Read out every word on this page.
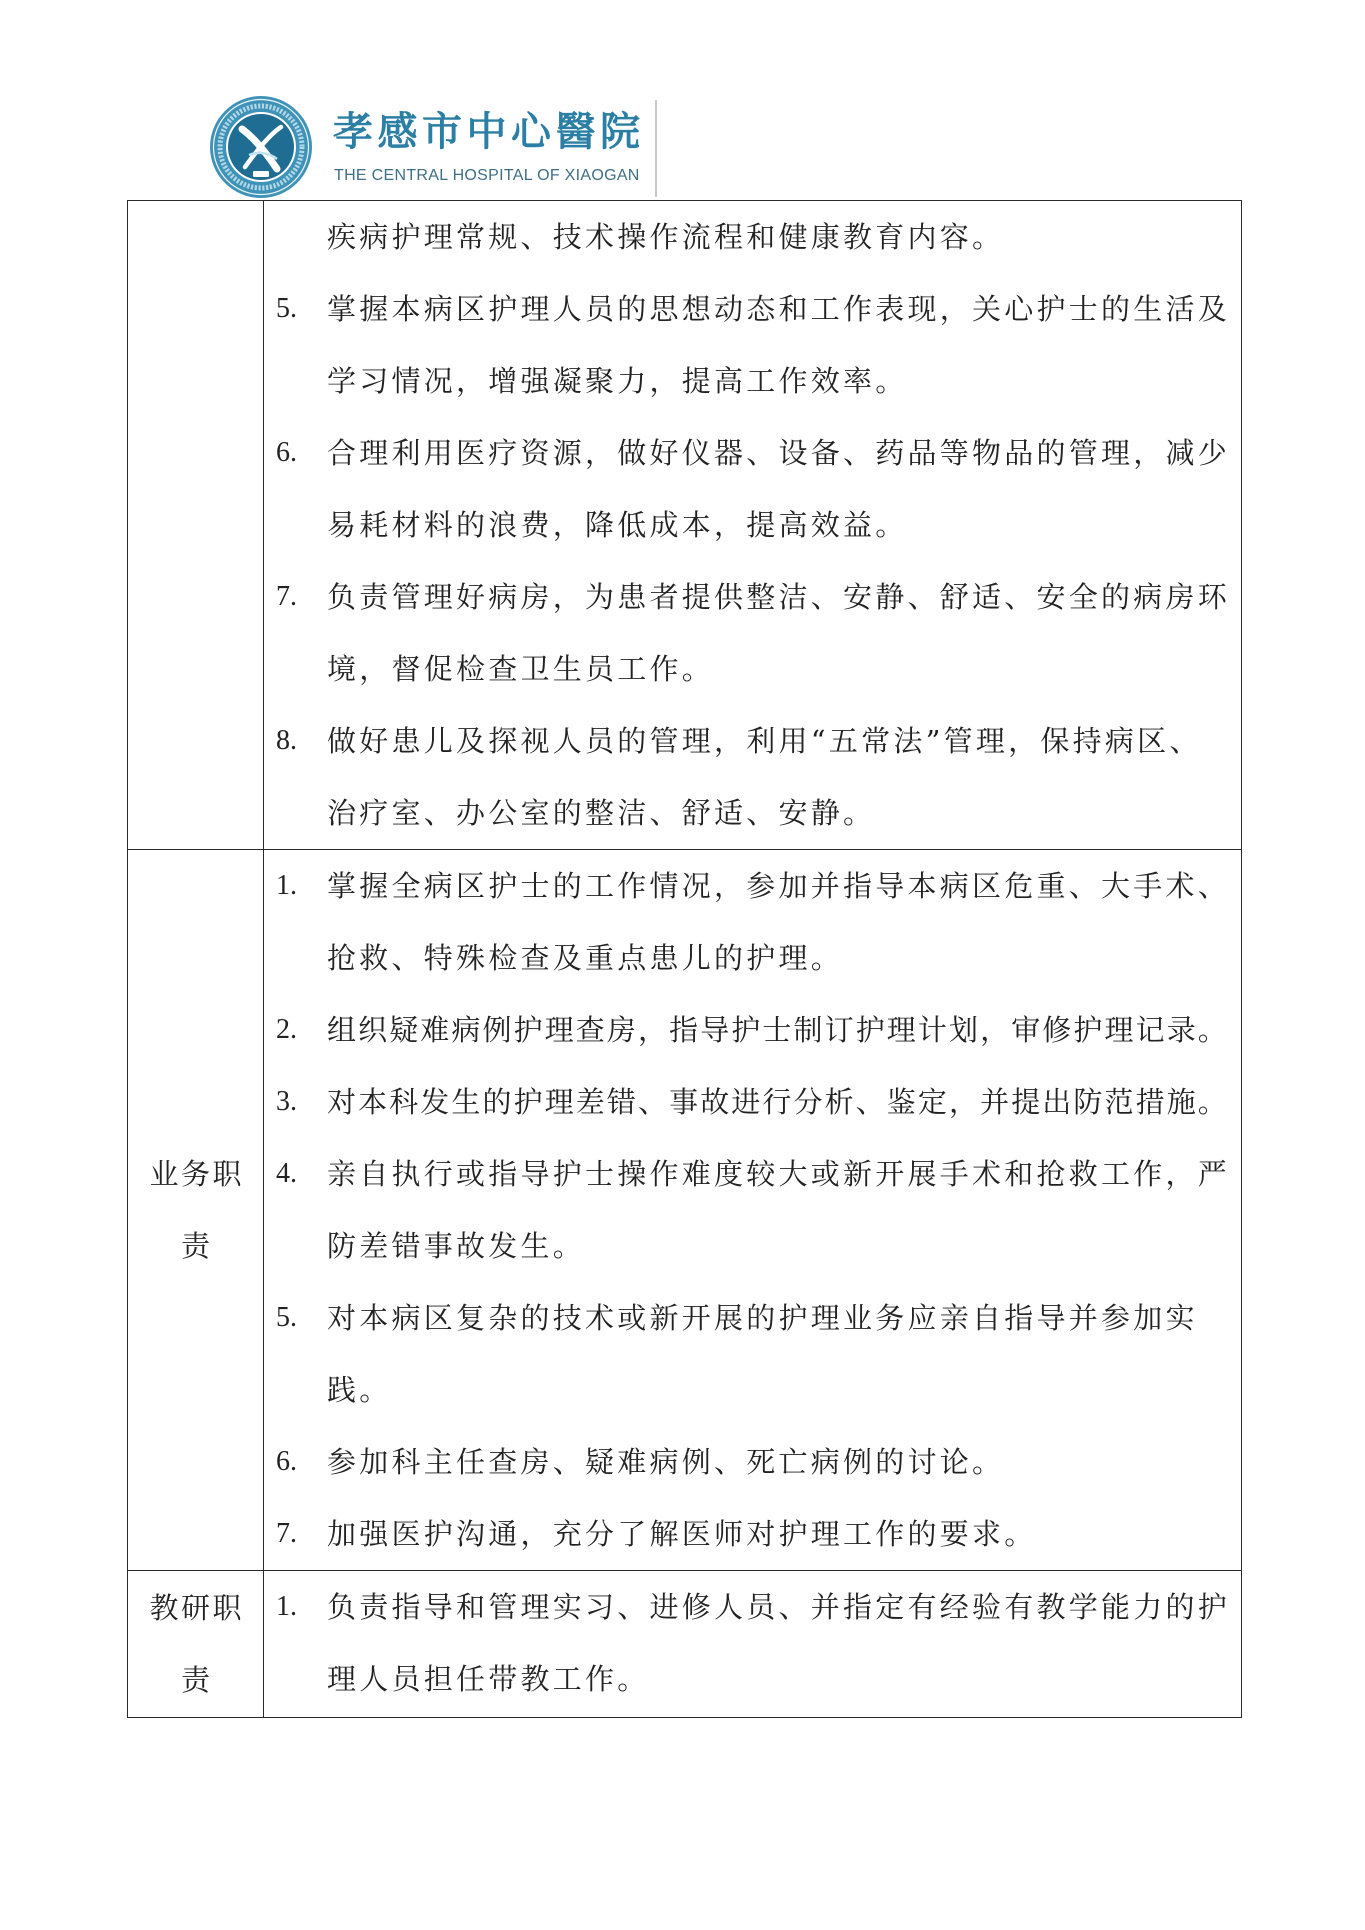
孝感市中心醫院
THE CENTRAL HOSPITAL OF XIAOGAN
疾病护理常规、技术操作流程和健康教育内容。
5. 掌握本病区护理人员的思想动态和工作表现，关心护士的生活及
学习情况，增强凝聚力，提高工作效率。
6. 合理利用医疗资源，做好仪器、设备、药品等物品的管理，减少
易耗材料的浪费，降低成本，提高效益。
7. 负责管理好病房，为患者提供整洁、安静、舒适、安全的病房环
境，督促检查卫生员工作。
8. 做好患儿及探视人员的管理，利用“五常法”管理，保持病区、
治疗室、办公室的整洁、舒适、安静。
业务职
责
1. 掌握全病区护士的工作情况，参加并指导本病区危重、大手术、
抢救、特殊检查及重点患儿的护理。
2. 组织疑难病例护理查房，指导护士制订护理计划，审修护理记录。
3. 对本科发生的护理差错、事故进行分析、鉴定，并提出防范措施。
4. 亲自执行或指导护士操作难度较大或新开展手术和抢救工作，严
防差错事故发生。
5. 对本病区复杂的技术或新开展的护理业务应亲自指导并参加实
践。
6. 参加科主任查房、疑难病例、死亡病例的讨论。
7. 加强医护沟通，充分了解医师对护理工作的要求。
教研职
责
1. 负责指导和管理实习、进修人员、并指定有经验有教学能力的护
理人员担任带教工作。
